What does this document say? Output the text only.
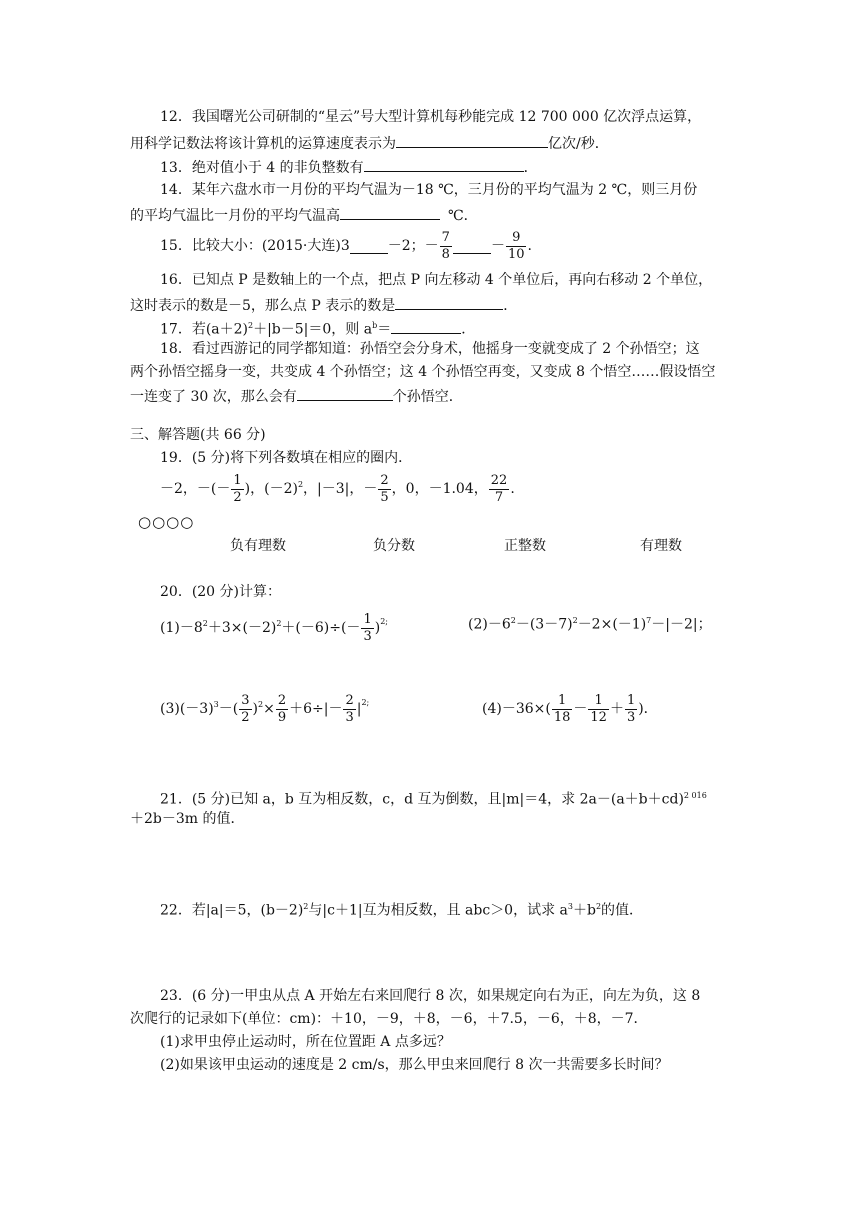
12．我国曙光公司研制的“星云”号大型计算机每秒能完成 12 700 000 亿次浮点运算，
用科学记数法将该计算机的运算速度表示为	亿次/秒．
13．绝对值小于 4 的非负整数有	．
14．某年六盘水市一月份的平均气温为－18 ℃，三月份的平均气温为 2 ℃，则三月份
的平均气温比一月份的平均气温高	℃．
15．比较大小：(2015·大连)3	－2；－ $\frac{7}{8}$	－ $\frac{9}{10}$ .
16．已知点 P 是数轴上的一个点，把点 P 向左移动 4 个单位后，再向右移动 2 个单位，
这时表示的数是－5，那么点 P 表示的数是	．
17．若$(a+2)^2+|b-5|=0$，则 $a^b=$	．
18．看过西游记的同学都知道：孙悟空会分身术，他摇身一变就变成了 2 个孙悟空；这
两个孙悟空摇身一变，共变成 4 个孙悟空；这 4 个孙悟空再变，又变成 8 个悟空……假设悟空
一连变了 30 次，那么会有	个孙悟空．
三、解答题(共 66 分)
19．(5 分)将下列各数填在相应的圈内．
－2，－(－ $\frac{1}{2}$ )，$(-2)^2$ ，|－3|，－ $\frac{2}{5}$ ，0，－1.04， $\frac{22}{7}$ .
○○○○
负有理数	负分数	正整数	有理数
20．(20 分)计算：
$(1)-8^2 +3\times(-2)^2 +(-6)\div(- \frac{1}{3} )^{2;}$	$(2)-6^2-(3-7)^2-2\times(-1)^7-|-2|$；
$(3)(-3)^3$ －( $\frac{3}{2} )^2 \times \frac{2}{9} +6\div|- \frac{2}{3} |^{2;}$	$(4)-36\times( \frac{1}{18} - \frac{1}{12} + \frac{1}{3}$ )．
21．(5 分)已知 a，b 互为相反数，c，d 互为倒数，且|m|＝4，求 $2a-(a+b+cd)^{2 016}$
＋2b－3m 的值．
22．若|a|＝5，$(b-2)^2$与|c＋1|互为相反数，且 abc＞0，试求 $a^3+b^2$的值．
23．(6 分)一甲虫从点 A 开始左右来回爬行 8 次，如果规定向右为正，向左为负，这 8
次爬行的记录如下(单位：cm)：＋10，－9，＋8，－6，＋7.5，－6，＋8，－7．
(1)求甲虫停止运动时，所在位置距 A 点多远？
(2)如果该甲虫运动的速度是 2 cm/s，那么甲虫来回爬行 8 次一共需要多长时间？
